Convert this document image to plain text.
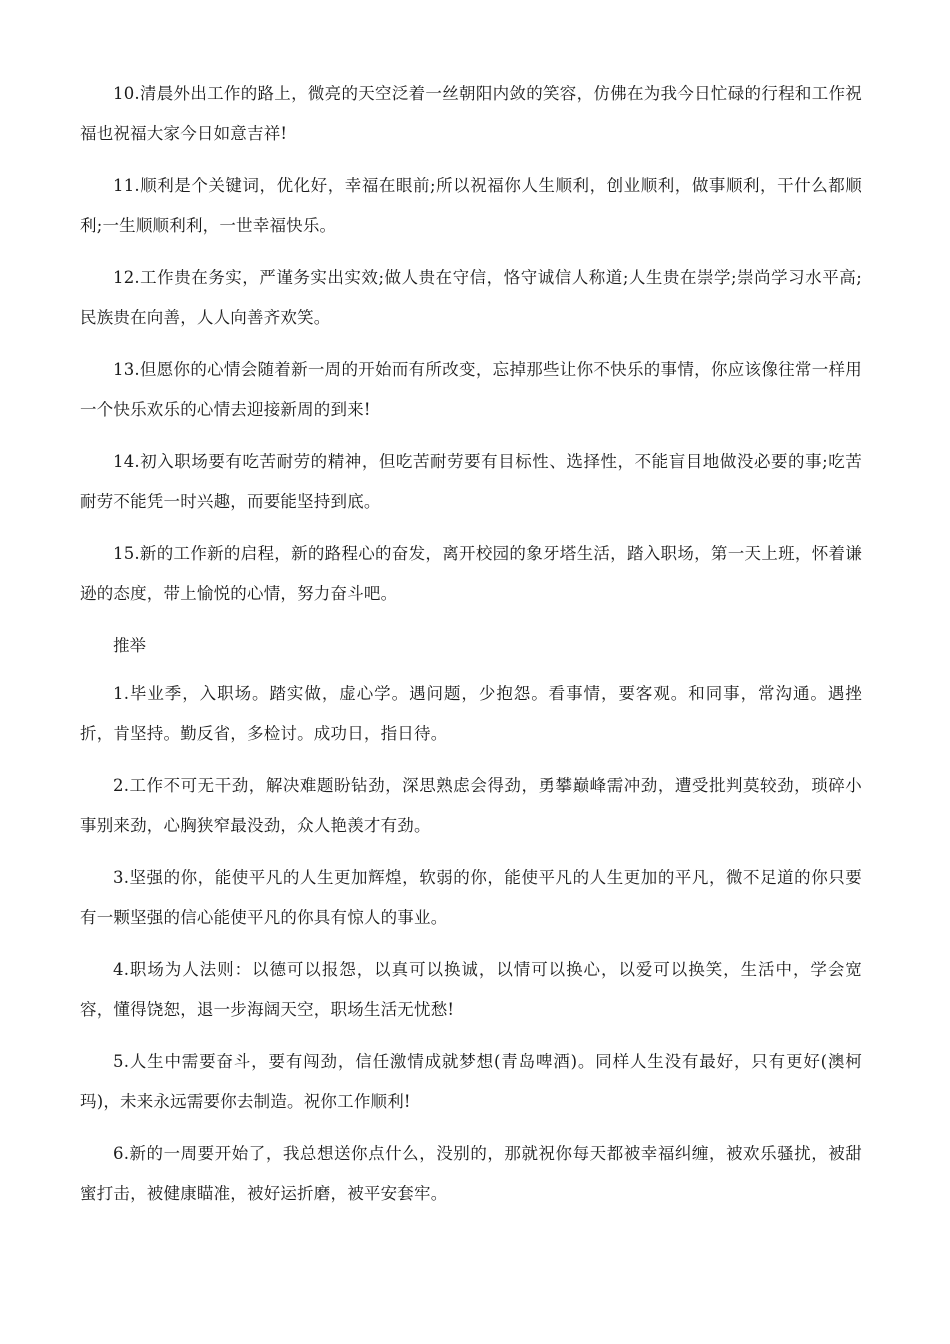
10.清晨外出工作的路上，微亮的天空泛着一丝朝阳内敛的笑容，仿佛在为我今日忙碌的行程和工作祝福也祝福大家今日如意吉祥!

11.顺利是个关键词，优化好，幸福在眼前;所以祝福你人生顺利，创业顺利，做事顺利，干什么都顺利;一生顺顺利利，一世幸福快乐。

12.工作贵在务实，严谨务实出实效;做人贵在守信，恪守诚信人称道;人生贵在崇学;崇尚学习水平高;民族贵在向善，人人向善齐欢笑。

13.但愿你的心情会随着新一周的开始而有所改变，忘掉那些让你不快乐的事情，你应该像往常一样用一个快乐欢乐的心情去迎接新周的到来!

14.初入职场要有吃苦耐劳的精神，但吃苦耐劳要有目标性、选择性，不能盲目地做没必要的事;吃苦耐劳不能凭一时兴趣，而要能坚持到底。

15.新的工作新的启程，新的路程心的奋发，离开校园的象牙塔生活，踏入职场，第一天上班，怀着谦逊的态度，带上愉悦的心情，努力奋斗吧。

推举

1.毕业季，入职场。踏实做，虚心学。遇问题，少抱怨。看事情，要客观。和同事，常沟通。遇挫折，肯坚持。勤反省，多检讨。成功日，指日待。

2.工作不可无干劲，解决难题盼钻劲，深思熟虑会得劲，勇攀巅峰需冲劲，遭受批判莫较劲，琐碎小事别来劲，心胸狭窄最没劲，众人艳羡才有劲。

3.坚强的你，能使平凡的人生更加辉煌，软弱的你，能使平凡的人生更加的平凡，微不足道的你只要有一颗坚强的信心能使平凡的你具有惊人的事业。

4.职场为人法则：以德可以报怨，以真可以换诚，以情可以换心，以爱可以换笑，生活中，学会宽容，懂得饶恕，退一步海阔天空，职场生活无忧愁!

5.人生中需要奋斗，要有闯劲，信任激情成就梦想(青岛啤酒)。同样人生没有最好，只有更好(澳柯玛)，未来永远需要你去制造。祝你工作顺利!

6.新的一周要开始了，我总想送你点什么，没别的，那就祝你每天都被幸福纠缠，被欢乐骚扰，被甜蜜打击，被健康瞄准，被好运折磨，被平安套牢。
